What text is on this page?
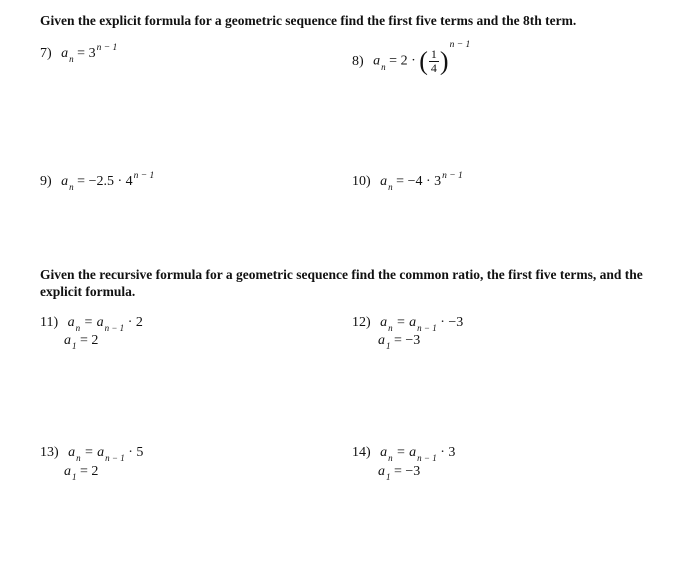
Given the explicit formula for a geometric sequence find the first five terms and the 8th term.
7) $a_n = 3^{n - 1}$
8) $a_n = 2$ · ( $\frac{1}{4} )^{n - 1}$
9) $a_n = -2.5 \cdot 4^{n - 1}$	10) $a_n = -4 \cdot 3^{n - 1}$
Given the recursive formula for a geometric sequence find the common ratio, the first five terms, and the explicit formula.
11) $a_n = a_{n - 1} \cdot 2$
$a_1 = 2$
12) $a_n = a_{n - 1} \cdot -3$
$a_1 = -3$
13) $a_n = a_{n - 1} \cdot 5$
$a_1 = 2$
14) $a_n = a_{n - 1} \cdot 3$
$a_1 = -3$
